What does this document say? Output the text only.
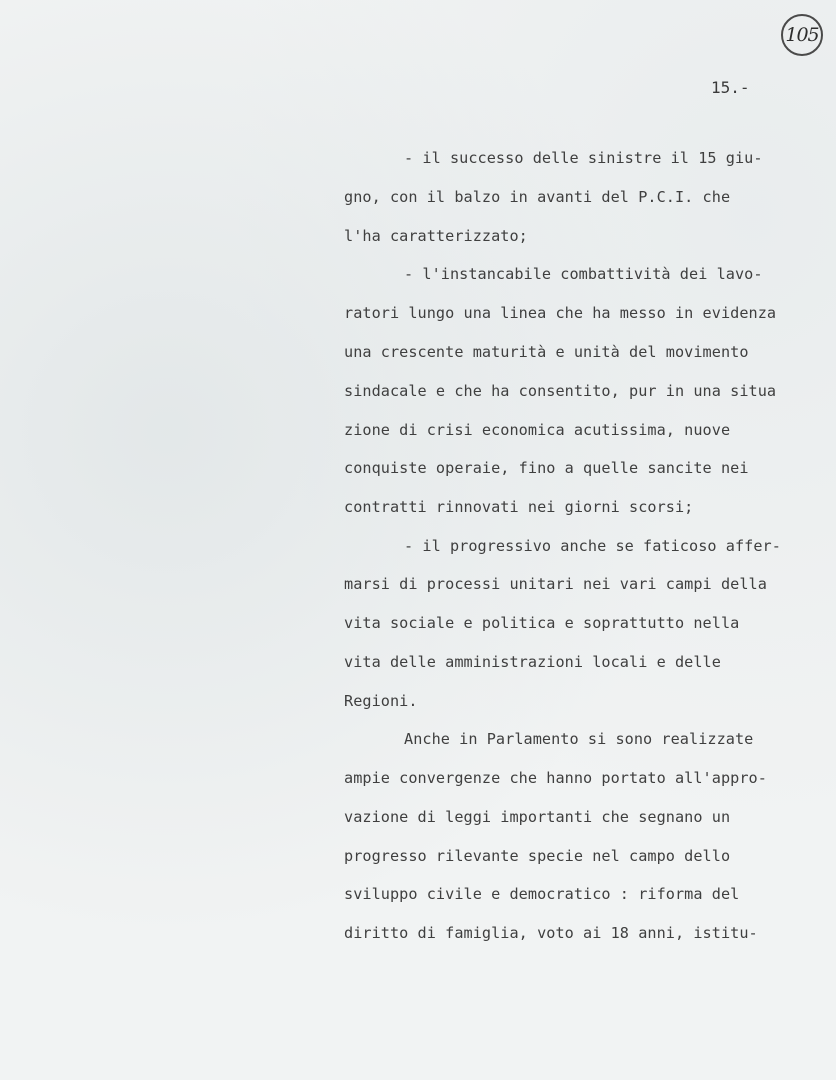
105
15.-
- il successo delle sinistre il 15 giu-
gno, con il balzo in avanti del P.C.I. che
l'ha caratterizzato;
- l'instancabile combattività dei lavo-
ratori lungo una linea che ha messo in evidenza
una crescente maturità e unità del movimento
sindacale e che ha consentito, pur in una situa
zione di crisi economica acutissima, nuove
conquiste operaie, fino a quelle sancite nei
contratti rinnovati nei giorni scorsi;
- il progressivo anche se faticoso affer-
marsi di processi unitari nei vari campi della
vita sociale e politica e soprattutto nella
vita delle amministrazioni locali e delle
Regioni.
Anche in Parlamento si sono realizzate
ampie convergenze che hanno portato all'appro-
vazione di leggi importanti che segnano un
progresso rilevante specie nel campo dello
sviluppo civile e democratico : riforma del
diritto di famiglia, voto ai 18 anni, istitu-
